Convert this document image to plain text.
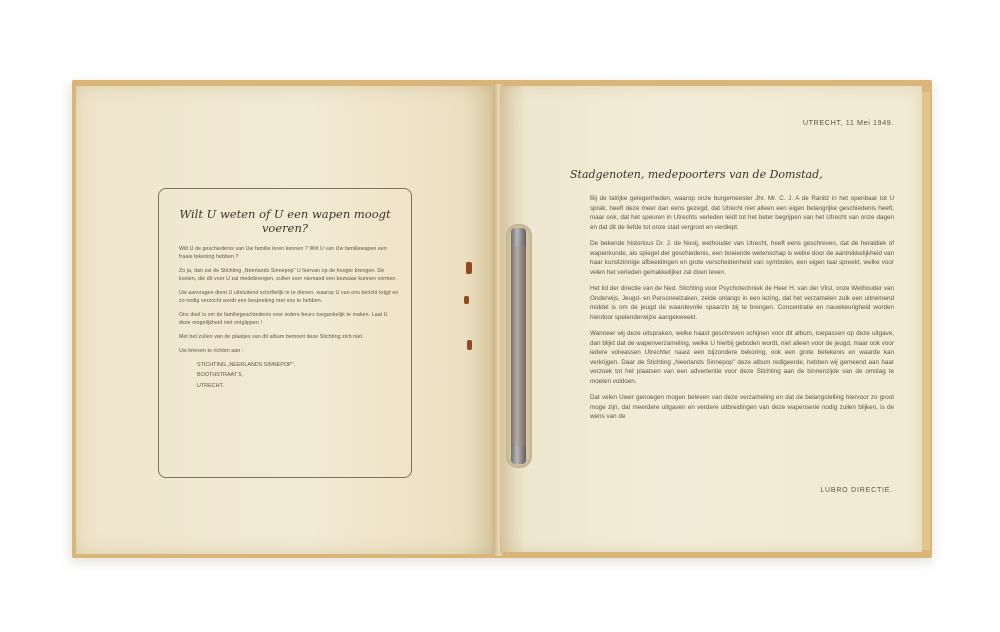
Wilt U weten of U een wapen moogt voeren?

Wilt U de geschiedenis van Uw familie leren kennen ? Wilt U van Uw familiewapen een fraaie tekening hebben ?

Zo ja, dan zal de Stichting „Neerlands Sinnepop” U hiervan op de hoogte brengen. De kosten, die dit voor U zal medebrengen, zullen voor niemand een bezwaar kunnen vormen.

Uw aanvragen dient U uitsluitend schriftelijk in te dienen, waarop U van ons bericht krijgt en zo nodig verzocht wordt een bespreking met ons te hebben.

Ons doel is om de familiegeschiedenis voor iedere beurs toegankelijk te maken. Laat U deze mogelijkheid niet ontglippen !

Met het zullen van de plaatjes van dit album bemoeit deze Stichting zich niet.

Uw brieven te richten aan :

STICHTING „NEERLANDS SINNEPOP”,
BOOTHSTRAAT 5,
UTRECHT.
UTRECHT, 11 Mei 1949.
Stadgenoten, medepoorters van de Domstad,

Bij de talrijke gelegenheden, waarop onze burgemeester Jhr. Mr. C. J. A de Ranitz in het openbaar tot U sprak, heeft deze meer dan eens gezegd, dat Utrecht niet alleen een eigen belangrijke geschiedenis heeft, maar ook, dat het speuren in Utrechts verleden leidt tot het beter begrijpen van het Utrecht van onze dagen en dat dit de liefde tot onze stad vergroot en verdiept.

De bekende historicus Dr. J. de Nooij, wethouder van Utrecht, heeft eens geschreven, dat de heraldiek of wapenkunde, als spiegel der geschiedenis, een boeiende wetenschap is welke door de aantrekkelijkheid van haar kunstzinnige afbeeldingen en grote verscheidenheid van symbolen, een eigen taal spreekt, welke voor velen het verleden gemakkelijker zal doen leven.

Het lid der directie van de Ned. Stichting voor Psychotechniek de Heer H. van der Vlist, onze Wethouder van Onderwijs, Jeugd- en Personeelzaken, zeide onlangs in een lezing, dat het verzamelen zulk een uitnemend middel is om de jeugd de waardevolle spaarzin bij te brengen. Concentratie en nauwkeurigheid worden hierdoor spelenderwijze aangekweekt.

Wanneer wij deze uitspraken, welke haast geschreven schijnen voor dit album, toepassen op deze uitgave, dan blijkt dat de wapenverzameling, welke U hierbij geboden wordt, niet alleen voor de jeugd, maar ook voor iedere volwassen Utrechter naast een bijzondere bekoring, ook een grote betekenis en waarde kan verkrijgen. Daar de Stichting „Neerlands Sinnepop” deze album redigeerde, hebben wij gemeend aan haar verzoek tot het plaatsen van een advertentie voor deze Stichting aan de binnenzijde van de omslag te moeten voldoen.

Dat velen Uwer genoegen mogen beleven van deze verzameling en dat de belangstelling hiervoor zo groot moge zijn, dat meerdere uitgaven en verdere uitbreidingen van deze wapenserie nodig zullen blijken, is de wens van de

LUBRO DIRECTIE.
